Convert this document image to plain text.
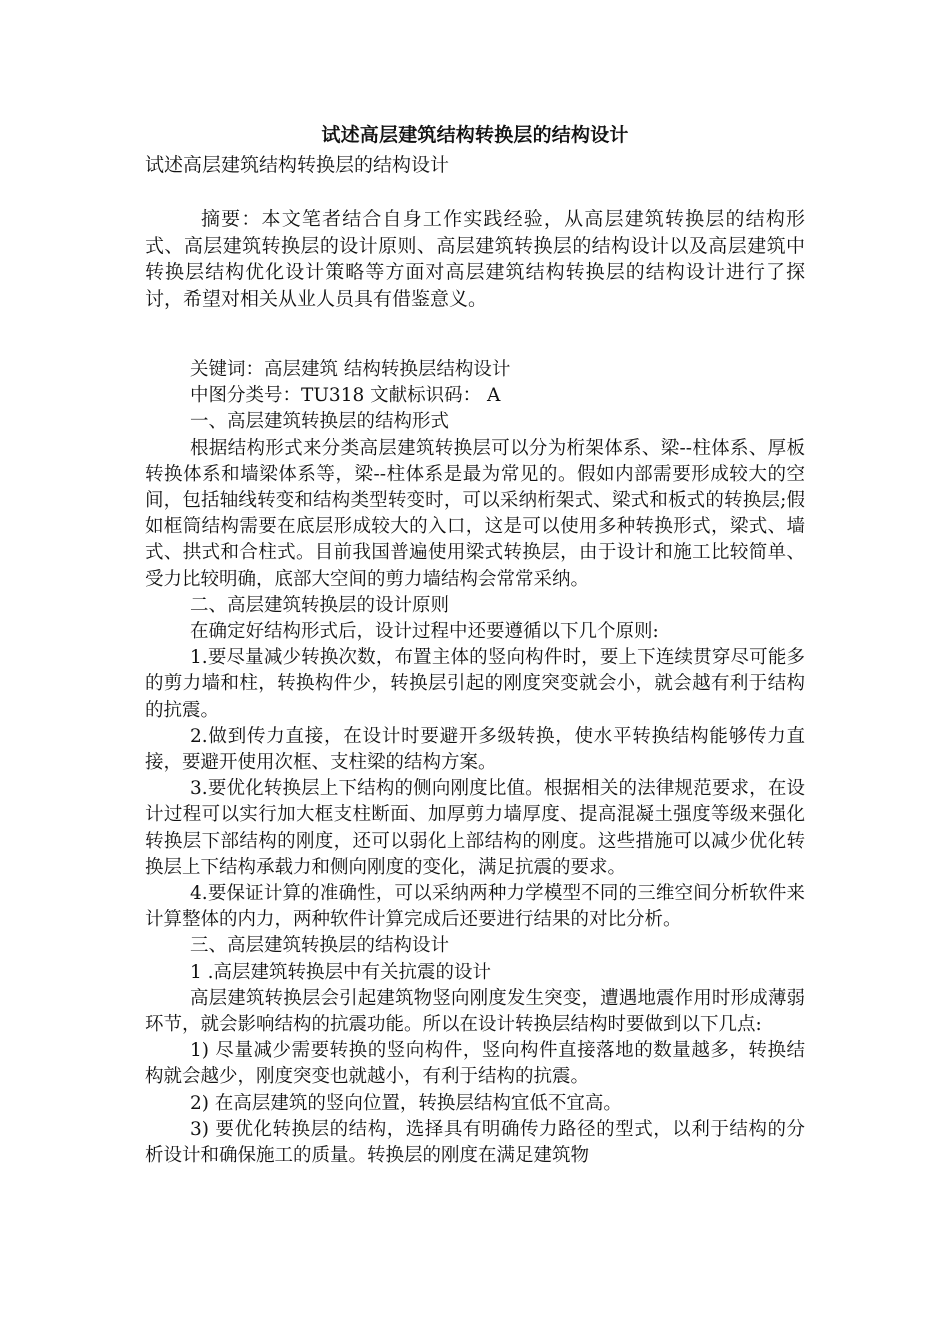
试述高层建筑结构转换层的结构设计

试述高层建筑结构转换层的结构设计

摘要：本文笔者结合自身工作实践经验，从高层建筑转换层的结构形式、高层建筑转换层的设计原则、高层建筑转换层的结构设计以及高层建筑中转换层结构优化设计策略等方面对高层建筑结构转换层的结构设计进行了探讨，希望对相关从业人员具有借鉴意义。

关键词：高层建筑 结构转换层结构设计

中图分类号：TU318 文献标识码： A

一、高层建筑转换层的结构形式

根据结构形式来分类高层建筑转换层可以分为桁架体系、梁--柱体系、厚板转换体系和墙梁体系等，梁--柱体系是最为常见的。假如内部需要形成较大的空间，包括轴线转变和结构类型转变时，可以采纳桁架式、梁式和板式的转换层;假如框筒结构需要在底层形成较大的入口，这是可以使用多种转换形式，梁式、墙式、拱式和合柱式。目前我国普遍使用梁式转换层，由于设计和施工比较简单、受力比较明确，底部大空间的剪力墙结构会常常采纳。

二、高层建筑转换层的设计原则

在确定好结构形式后，设计过程中还要遵循以下几个原则:

1.要尽量减少转换次数，布置主体的竖向构件时，要上下连续贯穿尽可能多的剪力墙和柱，转换构件少，转换层引起的刚度突变就会小，就会越有利于结构的抗震。

2.做到传力直接，在设计时要避开多级转换，使水平转换结构能够传力直接，要避开使用次框、支柱梁的结构方案。

3.要优化转换层上下结构的侧向刚度比值。根据相关的法律规范要求，在设计过程可以实行加大框支柱断面、加厚剪力墙厚度、提高混凝土强度等级来强化转换层下部结构的刚度，还可以弱化上部结构的刚度。这些措施可以减少优化转换层上下结构承载力和侧向刚度的变化，满足抗震的要求。

4.要保证计算的准确性，可以采纳两种力学模型不同的三维空间分析软件来计算整体的内力，两种软件计算完成后还要进行结果的对比分析。

三、高层建筑转换层的结构设计

1 .高层建筑转换层中有关抗震的设计

高层建筑转换层会引起建筑物竖向刚度发生突变，遭遇地震作用时形成薄弱环节，就会影响结构的抗震功能。所以在设计转换层结构时要做到以下几点:

1) 尽量减少需要转换的竖向构件，竖向构件直接落地的数量越多，转换结构就会越少，刚度突变也就越小，有利于结构的抗震。

2) 在高层建筑的竖向位置，转换层结构宜低不宜高。

3) 要优化转换层的结构，选择具有明确传力路径的型式，以利于结构的分析设计和确保施工的质量。转换层的刚度在满足建筑物
